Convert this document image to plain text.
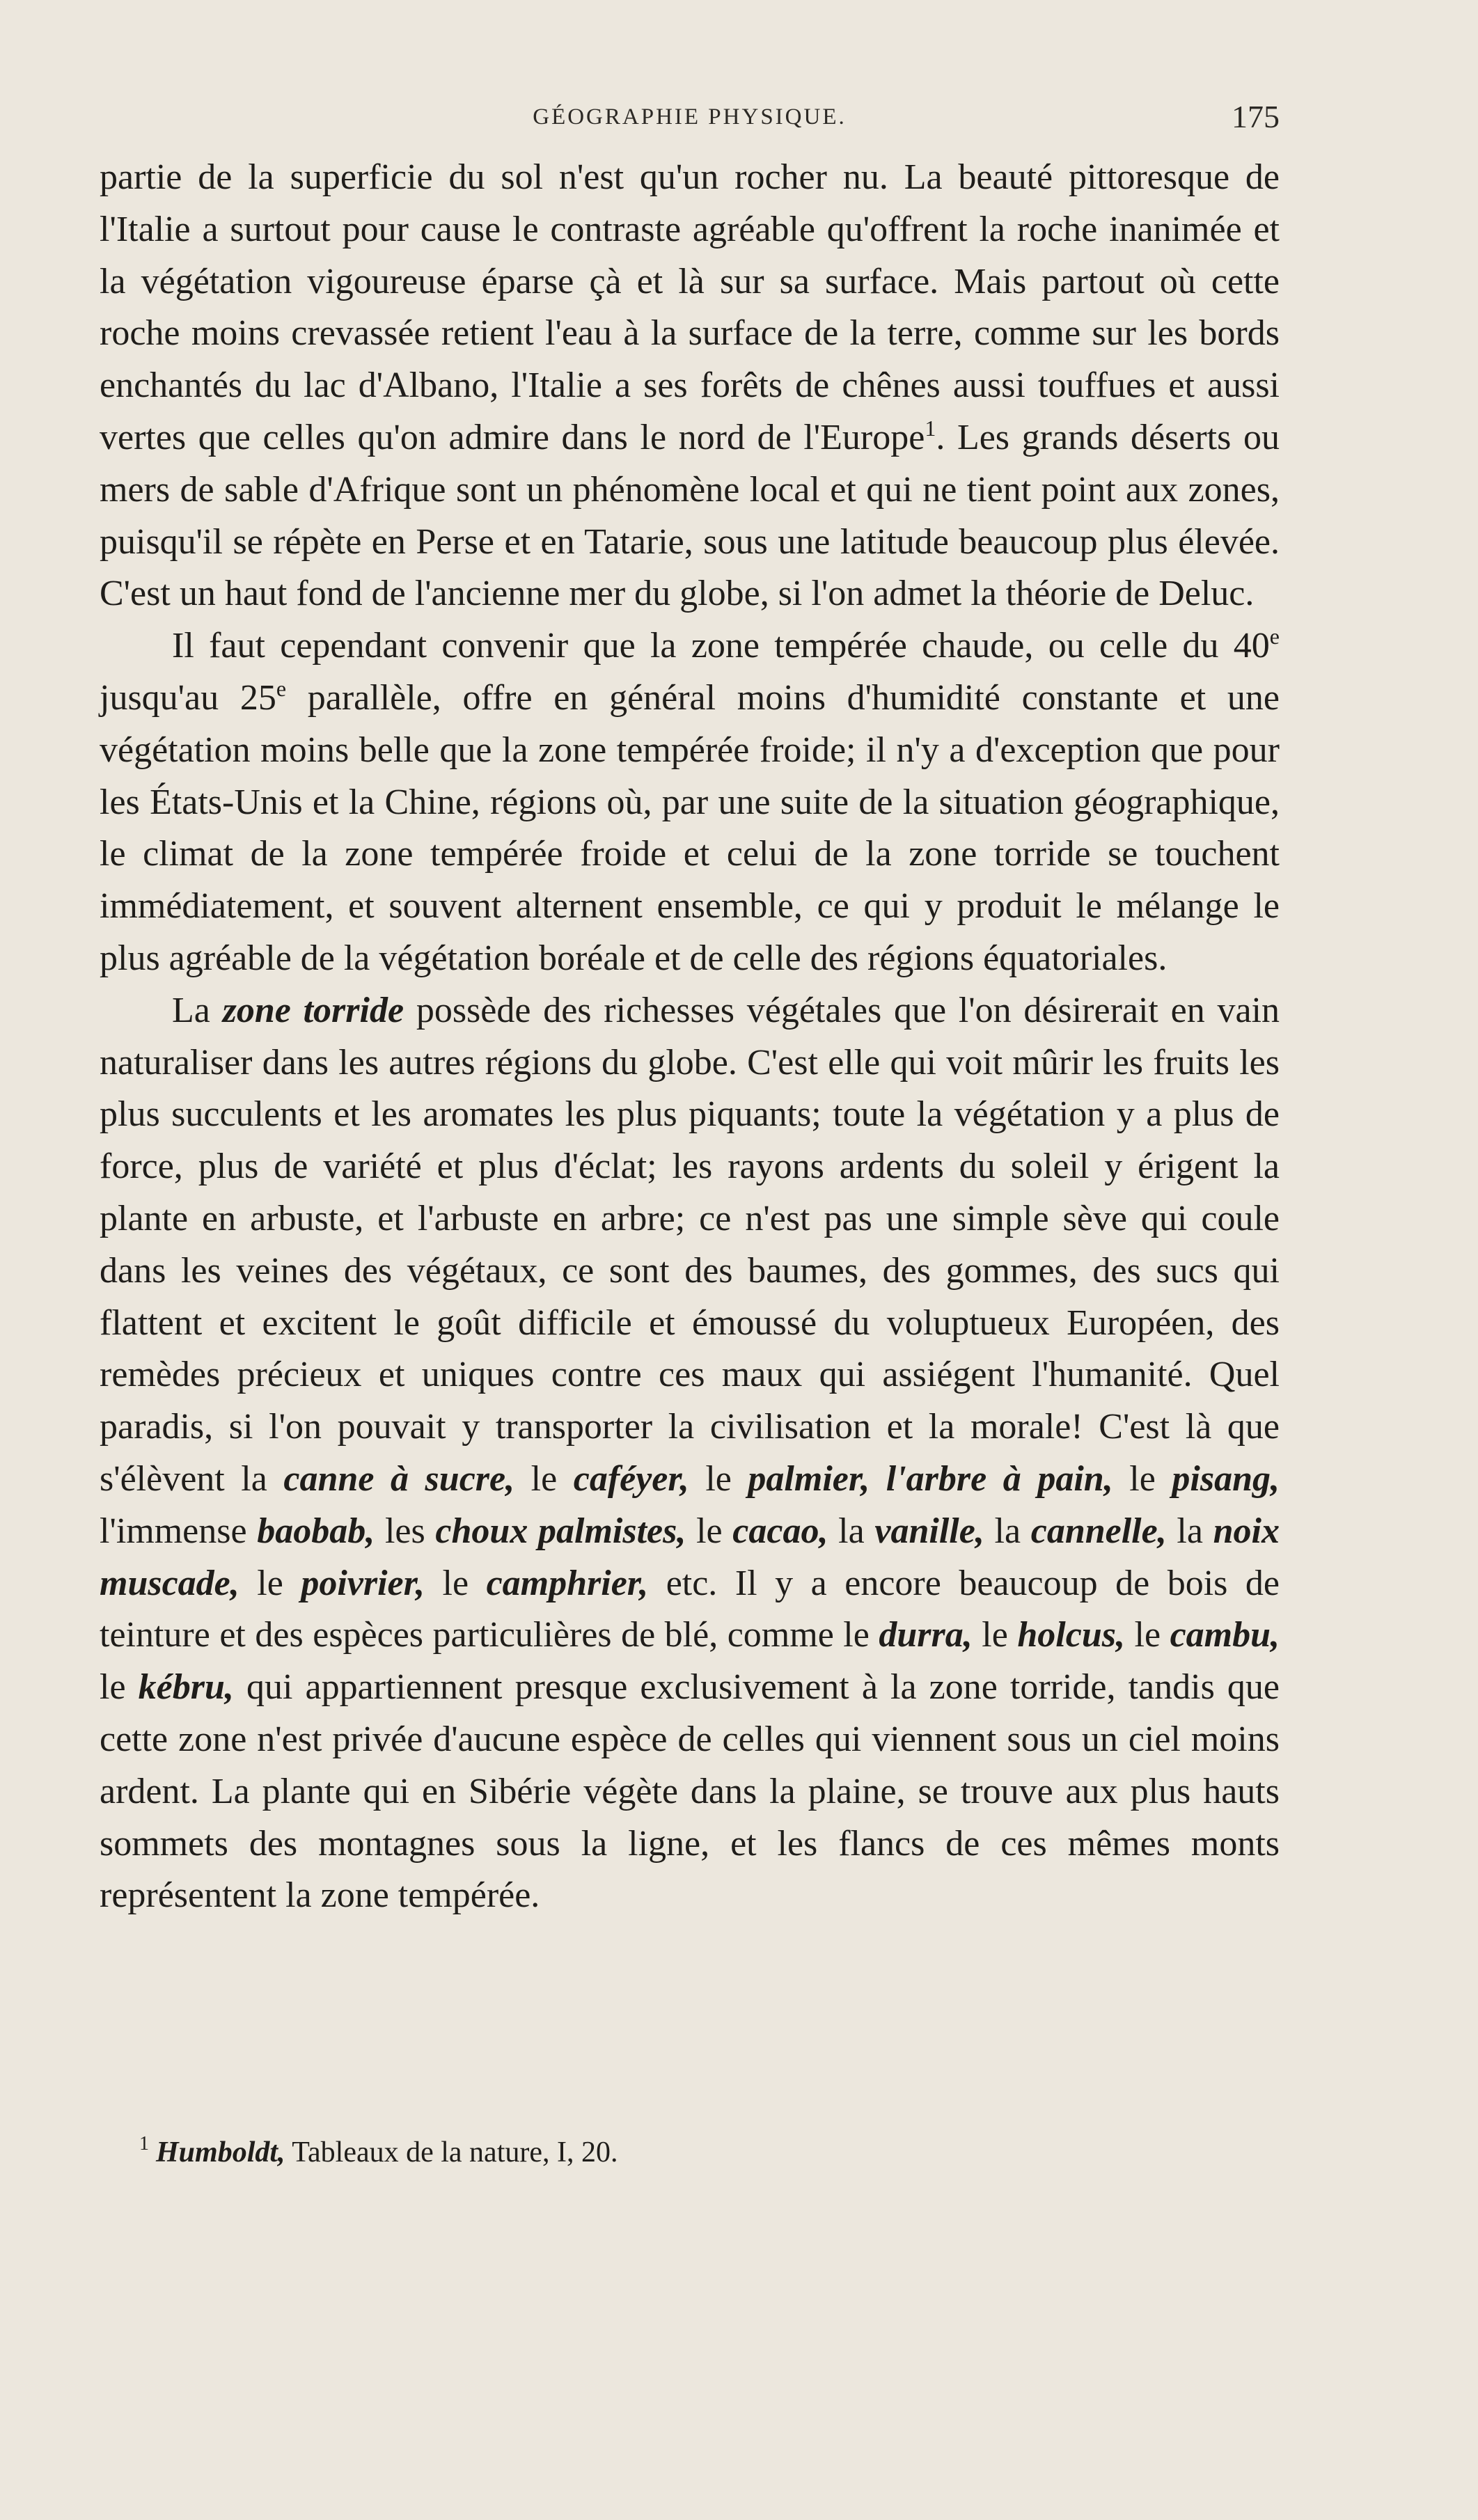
GÉOGRAPHIE PHYSIQUE.	175

partie de la superficie du sol n'est qu'un rocher nu. La beauté pittoresque de l'Italie a surtout pour cause le contraste agréable qu'offrent la roche inanimée et la végétation vigoureuse éparse çà et là sur sa surface. Mais partout où cette roche moins crevassée retient l'eau à la surface de la terre, comme sur les bords enchantés du lac d'Albano, l'Italie a ses forêts de chênes aussi touffues et aussi vertes que celles qu'on admire dans le nord de l'Europe$^1$. Les grands déserts ou mers de sable d'Afrique sont un phénomène local et qui ne tient point aux zones, puisqu'il se répète en Perse et en Tatarie, sous une latitude beaucoup plus élevée. C'est un haut fond de l'ancienne mer du globe, si l'on admet la théorie de Deluc.

Il faut cependant convenir que la zone tempérée chaude, ou celle du 40e jusqu'au 25e parallèle, offre en général moins d'humidité constante et une végétation moins belle que la zone tempérée froide; il n'y a d'exception que pour les États-Unis et la Chine, régions où, par une suite de la situation géographique, le climat de la zone tempérée froide et celui de la zone torride se touchent immédiatement, et souvent alternent ensemble, ce qui y produit le mélange le plus agréable de la végétation boréale et de celle des régions équatoriales.

La zone torride possède des richesses végétales que l'on désirerait en vain naturaliser dans les autres régions du globe. C'est elle qui voit mûrir les fruits les plus succulents et les aromates les plus piquants; toute la végétation y a plus de force, plus de variété et plus d'éclat; les rayons ardents du soleil y érigent la plante en arbuste, et l'arbuste en arbre; ce n'est pas une simple sève qui coule dans les veines des végétaux, ce sont des baumes, des gommes, des sucs qui flattent et excitent le goût difficile et émoussé du voluptueux Européen, des remèdes précieux et uniques contre ces maux qui assiégent l'humanité. Quel paradis, si l'on pouvait y transporter la civilisation et la morale! C'est là que s'élèvent la canne à sucre, le caféyer, le palmier, l'arbre à pain, le pisang, l'immense baobab, les choux palmistes, le cacao, la vanille, la cannelle, la noix muscade, le poivrier, le camphrier, etc. Il y a encore beaucoup de bois de teinture et des espèces particulières de blé, comme le durra, le holcus, le cambu, le kébru, qui appartiennent presque exclusivement à la zone torride, tandis que cette zone n'est privée d'aucune espèce de celles qui viennent sous un ciel moins ardent. La plante qui en Sibérie végète dans la plaine, se trouve aux plus hauts sommets des montagnes sous la ligne, et les flancs de ces mêmes monts représentent la zone tempérée.

$^1$ Humboldt, Tableaux de la nature, I, 20.
